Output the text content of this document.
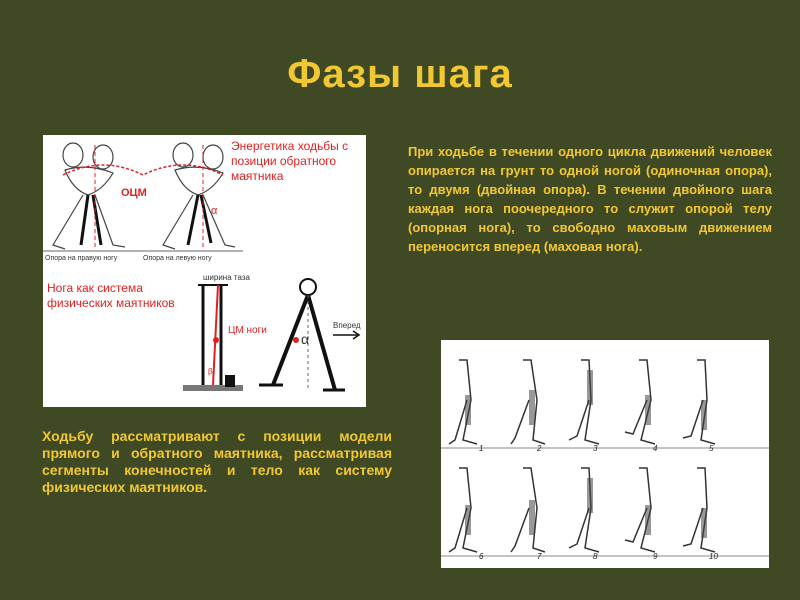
Фазы шага
Энергетика ходьбы с позиции обратного маятника
Нога как система физических маятников
ОЦМ
ЦМ ноги
ширина таза
Вперед
Опора на правую ногу	Опора на левую ногу
α
α
β
При ходьбе в течении одного цикла движений человек опирается на грунт то одной ногой (одиночная опора), то двумя (двойная опора). В течении двойного шага каждая нога поочередного то служит опорой телу (опорная нога), то свободно маховым движением переносится вперед (маховая нога).
1	2	3	4	5
6	7	8	9	10
Ходьбу рассматривают с позиции модели прямого и обратного маятника, рассматривая сегменты конечностей и тело как систему физических маятников.
